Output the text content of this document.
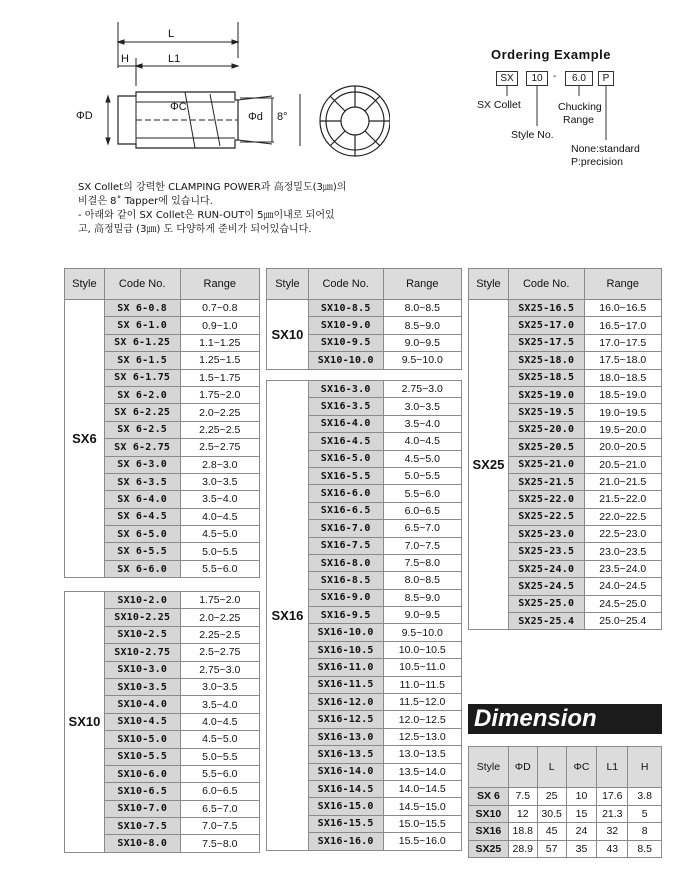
L
H	L1
ΦD
ΦC
Φd 8°
Ordering Example
SX	10	-	6.0	P
SX Collet
Style No.
Chucking
Range
None:standard
P:precision
SX Collet의 강력한 CLAMPING POWER과 高정밀도(3㎛)의
비결은 8˚ Tapper에 있습니다.
- 아래와 같이 SX Collet은 RUN-OUT이 5㎛이내로 되어있
고, 高정밀급 (3㎛) 도 다양하게 준비가 되어있습니다.
Style	Code No.	Range
SX6	SX 6-0.8	0.7~0.8
	SX 6-1.0	0.9~1.0
	SX 6-1.25	1.1~1.25
	SX 6-1.5	1.25~1.5
	SX 6-1.75	1.5~1.75
	SX 6-2.0	1.75~2.0
	SX 6-2.25	2.0~2.25
	SX 6-2.5	2.25~2.5
	SX 6-2.75	2.5~2.75
	SX 6-3.0	2.8~3.0
	SX 6-3.5	3.0~3.5
	SX 6-4.0	3.5~4.0
	SX 6-4.5	4.0~4.5
	SX 6-5.0	4.5~5.0
	SX 6-5.5	5.0~5.5
	SX 6-6.0	5.5~6.0
SX10	SX10-2.0	1.75~2.0
	SX10-2.25	2.0~2.25
	SX10-2.5	2.25~2.5
	SX10-2.75	2.5~2.75
	SX10-3.0	2.75~3.0
	SX10-3.5	3.0~3.5
	SX10-4.0	3.5~4.0
	SX10-4.5	4.0~4.5
	SX10-5.0	4.5~5.0
	SX10-5.5	5.0~5.5
	SX10-6.0	5.5~6.0
	SX10-6.5	6.0~6.5
	SX10-7.0	6.5~7.0
	SX10-7.5	7.0~7.5
	SX10-8.0	7.5~8.0
Style	Code No.	Range
SX10	SX10-8.5	8.0~8.5
	SX10-9.0	8.5~9.0
	SX10-9.5	9.0~9.5
	SX10-10.0	9.5~10.0
SX16	SX16-3.0	2.75~3.0
	SX16-3.5	3.0~3.5
	SX16-4.0	3.5~4.0
	SX16-4.5	4.0~4.5
	SX16-5.0	4.5~5.0
	SX16-5.5	5.0~5.5
	SX16-6.0	5.5~6.0
	SX16-6.5	6.0~6.5
	SX16-7.0	6.5~7.0
	SX16-7.5	7.0~7.5
	SX16-8.0	7.5~8.0
	SX16-8.5	8.0~8.5
	SX16-9.0	8.5~9.0
	SX16-9.5	9.0~9.5
	SX16-10.0	9.5~10.0
	SX16-10.5	10.0~10.5
	SX16-11.0	10.5~11.0
	SX16-11.5	11.0~11.5
	SX16-12.0	11.5~12.0
	SX16-12.5	12.0~12.5
	SX16-13.0	12.5~13.0
	SX16-13.5	13.0~13.5
	SX16-14.0	13.5~14.0
	SX16-14.5	14.0~14.5
	SX16-15.0	14.5~15.0
	SX16-15.5	15.0~15.5
	SX16-16.0	15.5~16.0
Style	Code No.	Range
SX25	SX25-16.5	16.0~16.5
	SX25-17.0	16.5~17.0
	SX25-17.5	17.0~17.5
	SX25-18.0	17.5~18.0
	SX25-18.5	18.0~18.5
	SX25-19.0	18.5~19.0
	SX25-19.5	19.0~19.5
	SX25-20.0	19.5~20.0
	SX25-20.5	20.0~20.5
	SX25-21.0	20.5~21.0
	SX25-21.5	21.0~21.5
	SX25-22.0	21.5~22.0
	SX25-22.5	22.0~22.5
	SX25-23.0	22.5~23.0
	SX25-23.5	23.0~23.5
	SX25-24.0	23.5~24.0
	SX25-24.5	24.0~24.5
	SX25-25.0	24.5~25.0
	SX25-25.4	25.0~25.4
Dimension
Style	ΦD	L	ΦC	L1	H
SX 6	7.5	25	10	17.6	3.8
SX10	12	30.5	15	21.3	5
SX16	18.8	45	24	32	8
SX25	28.9	57	35	43	8.5
